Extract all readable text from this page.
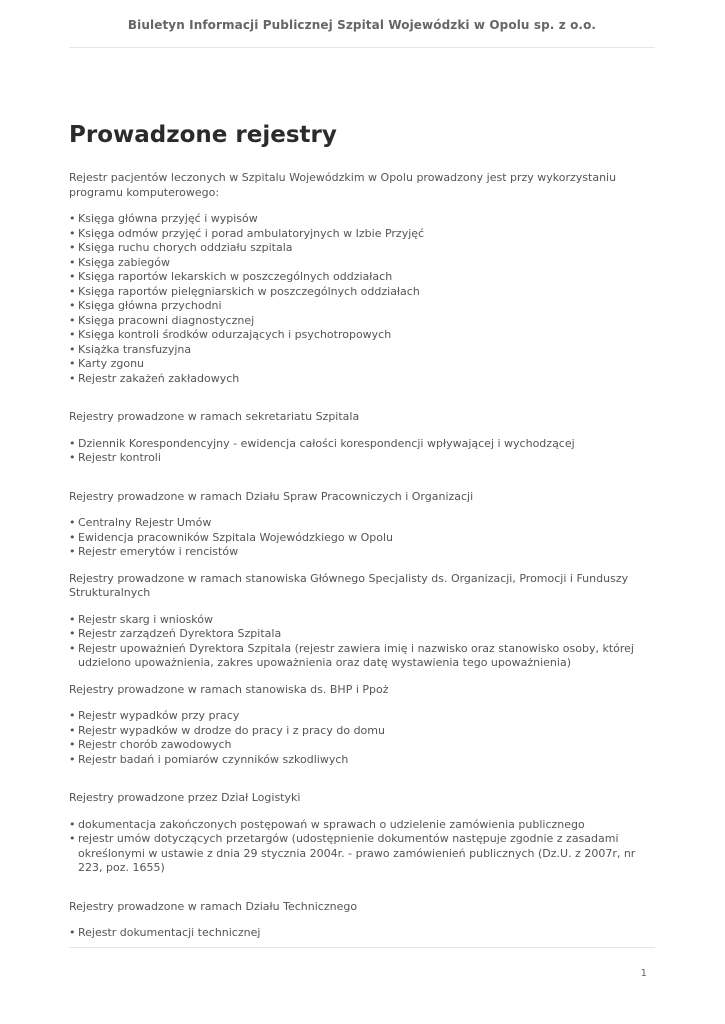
Biuletyn Informacji Publicznej Szpital Wojewódzki w Opolu sp. z o.o.
Prowadzone rejestry

Rejestr pacjentów leczonych w Szpitalu Wojewódzkim w Opolu prowadzony jest przy wykorzystaniu programu komputerowego:

• Księga główna przyjęć i wypisów
• Księga odmów przyjęć i porad ambulatoryjnych w Izbie Przyjęć
• Księga ruchu chorych oddziału szpitala
• Księga zabiegów
• Księga raportów lekarskich w poszczególnych oddziałach
• Księga raportów pielęgniarskich w poszczególnych oddziałach
• Księga główna przychodni
• Księga pracowni diagnostycznej
• Księga kontroli środków odurzających i psychotropowych
• Książka transfuzyjna
• Karty zgonu
• Rejestr zakażeń zakładowych

Rejestry prowadzone w ramach sekretariatu Szpitala

• Dziennik Korespondencyjny - ewidencja całości korespondencji wpływającej i wychodzącej
• Rejestr kontroli

Rejestry prowadzone w ramach Działu Spraw Pracowniczych i Organizacji

• Centralny Rejestr Umów
• Ewidencja pracowników Szpitala Wojewódzkiego w Opolu
• Rejestr emerytów i rencistów

Rejestry prowadzone w ramach stanowiska Głównego Specjalisty ds. Organizacji, Promocji i Funduszy Strukturalnych

• Rejestr skarg i wniosków
• Rejestr zarządzeń Dyrektora Szpitala
• Rejestr upoważnień Dyrektora Szpitala (rejestr zawiera imię i nazwisko oraz stanowisko osoby, której udzielono upoważnienia, zakres upoważnienia oraz datę wystawienia tego upoważnienia)

Rejestry prowadzone w ramach stanowiska ds. BHP i Ppoż

• Rejestr wypadków przy pracy
• Rejestr wypadków w drodze do pracy i z pracy do domu
• Rejestr chorób zawodowych
• Rejestr badań i pomiarów czynników szkodliwych

Rejestry prowadzone przez Dział Logistyki

• dokumentacja zakończonych postępowań w sprawach o udzielenie zamówienia publicznego
• rejestr umów dotyczących przetargów (udostępnienie dokumentów następuje zgodnie z zasadami określonymi w ustawie z dnia 29 stycznia 2004r. - prawo zamówienień publicznych (Dz.U. z 2007r, nr 223, poz. 1655)

Rejestry prowadzone w ramach Działu Technicznego

• Rejestr dokumentacji technicznej
1
